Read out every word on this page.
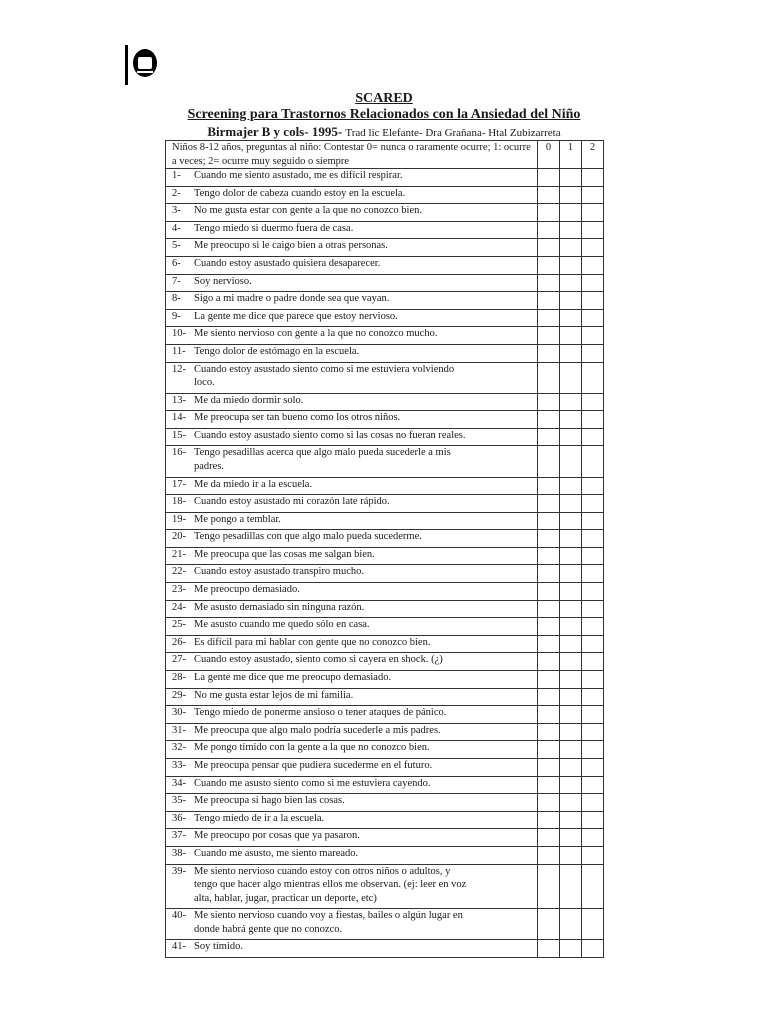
SCARED
Screening para Trastornos Relacionados con la Ansiedad del Niño
Birmajer B y cols- 1995- Trad lic Elefante- Dra Grañana- Htal Zubizarreta
Niños 8-12 años, preguntas al niño: Contestar 0= nunca o raramente ocurre; 1: ocurre a veces; 2= ocurre muy seguido o siempre	0	1	2
1- Cuando me siento asustado, me es difícil respirar.			
2- Tengo dolor de cabeza cuando estoy en la escuela.			
3- No me gusta estar con gente a la que no conozco bien.			
4- Tengo miedo si duermo fuera de casa.			
5- Me preocupo si le caigo bien a otras personas.			
6- Cuando estoy asustado quisiera desaparecer.			
7- Soy nervioso.			
8- Sigo a mi madre o padre donde sea que vayan.			
9- La gente me dice que parece que estoy nervioso.			
10- Me siento nervioso con gente a la que no conozco mucho.			
11- Tengo dolor de estómago en la escuela.			
12- Cuando estoy asustado siento como si me estuviera volviendo
loco.			

13- Me da miedo dormir solo.			
14- Me preocupa ser tan bueno como los otros niños.			
15- Cuando estoy asustado siento como si las cosas no fueran reales.			
16- Tengo pesadillas acerca que algo malo pueda sucederle a mis
padres.			

17- Me da miedo ir a la escuela.			
18- Cuando estoy asustado mi corazón late rápido.			
19- Me pongo a temblar.			
20- Tengo pesadillas con que algo malo pueda sucederme.			
21- Me preocupa que las cosas me salgan bien.			
22- Cuando estoy asustado transpiro mucho.			
23- Me preocupo demasiado.			
24- Me asusto demasiado sin ninguna razón.			
25- Me asusto cuando me quedo sólo en casa.			
26- Es difícil para mi hablar con gente que no conozco bien.			
27- Cuando estoy asustado, siento como si cayera en shock. (¿)			
28- La gente me dice que me preocupo demasiado.			
29- No me gusta estar lejos de mi familia.			
30- Tengo miedo de ponerme ansioso o tener ataques de pánico.			
31- Me preocupa que algo malo podría sucederle a mis padres.			
32- Me pongo tímido con la gente a la que no conozco bien.			
33- Me preocupa pensar que pudiera sucederme en el futuro.			
34- Cuando me asusto siento como si me estuviera cayendo.			
35- Me preocupa si hago bien las cosas.			
36- Tengo miedo de ir a la escuela.			
37- Me preocupo por cosas que ya pasaron.			
38- Cuando me asusto, me siento mareado.			
39- Me siento nervioso cuando estoy con otros niños o adultos, y
tengo que hacer algo mientras ellos me observan. (ej: leer en voz
alta, hablar, jugar, practicar un deporte, etc)			

40- Me siento nervioso cuando voy a fiestas, bailes o algún lugar en
donde habrá gente que no conozco.			

41- Soy tímido.			
